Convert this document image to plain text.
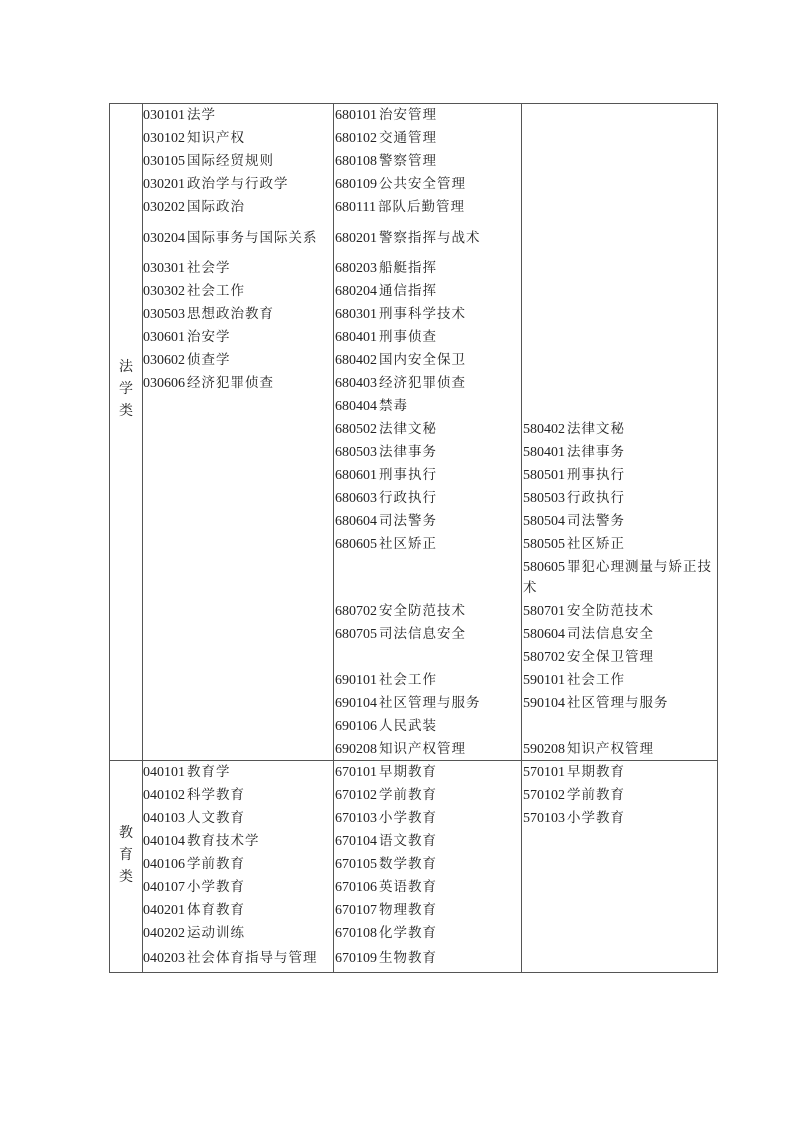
法
学
类
030101 法学
030102 知识产权
030105 国际经贸规则
030201 政治学与行政学
030202 国际政治
030204 国际事务与国际关系
030301 社会学
030302 社会工作
030503 思想政治教育
030601 治安学
030602 侦查学
030606 经济犯罪侦查
680101 治安管理
680102 交通管理
680108 警察管理
680109 公共安全管理
680111 部队后勤管理
680201 警察指挥与战术
680203 船艇指挥
680204 通信指挥
680301 刑事科学技术
680401 刑事侦查
680402 国内安全保卫
680403 经济犯罪侦查
680404 禁毒
680502 法律文秘
680503 法律事务
680601 刑事执行
680603 行政执行
680604 司法警务
680605 社区矫正
680702 安全防范技术
680705 司法信息安全
690101 社会工作
690104 社区管理与服务
690106 人民武装
690208 知识产权管理
580402 法律文秘
580401 法律事务
580501 刑事执行
580503 行政执行
580504 司法警务
580505 社区矫正
580605 罪犯心理测量与矫正技术
580701 安全防范技术
580604 司法信息安全
580702 安全保卫管理
590101 社会工作
590104 社区管理与服务
590208 知识产权管理
教
育
类
040101 教育学
040102 科学教育
040103 人文教育
040104 教育技术学
040106 学前教育
040107 小学教育
040201 体育教育
040202 运动训练
040203 社会体育指导与管理
670101 早期教育
670102 学前教育
670103 小学教育
670104 语文教育
670105 数学教育
670106 英语教育
670107 物理教育
670108 化学教育
670109 生物教育
570101 早期教育
570102 学前教育
570103 小学教育
